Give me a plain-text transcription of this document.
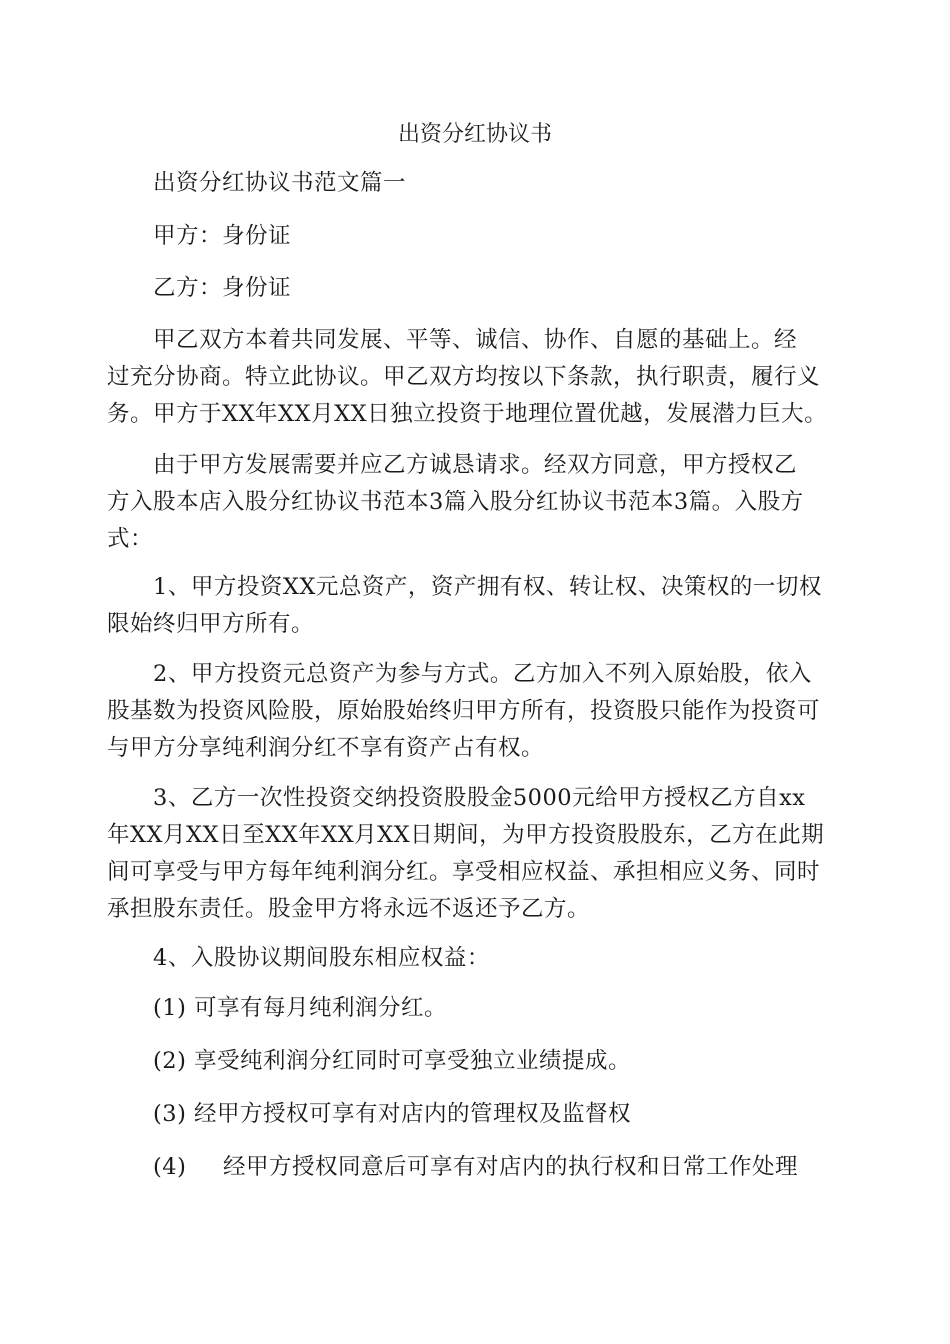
出资分红协议书
出资分红协议书范文篇一
甲方：身份证
乙方：身份证
甲乙双方本着共同发展、平等、诚信、协作、自愿的基础上。经
过充分协商。特立此协议。甲乙双方均按以下条款，执行职责，履行义
务。甲方于XX年XX月XX日独立投资于地理位置优越，发展潜力巨大。
由于甲方发展需要并应乙方诚恳请求。经双方同意，甲方授权乙
方入股本店入股分红协议书范本3篇入股分红协议书范本3篇。入股方
式：
1、甲方投资XX元总资产，资产拥有权、转让权、决策权的一切权
限始终归甲方所有。
2、甲方投资元总资产为参与方式。乙方加入不列入原始股，依入
股基数为投资风险股，原始股始终归甲方所有，投资股只能作为投资可
与甲方分享纯利润分红不享有资产占有权。
3、乙方一次性投资交纳投资股股金5000元给甲方授权乙方自xx
年XX月XX日至XX年XX月XX日期间，为甲方投资股股东，乙方在此期
间可享受与甲方每年纯利润分红。享受相应权益、承担相应义务、同时
承担股东责任。股金甲方将永远不返还予乙方。
4、入股协议期间股东相应权益：
(1) 可享有每月纯利润分红。
(2) 享受纯利润分红同时可享受独立业绩提成。
(3) 经甲方授权可享有对店内的管理权及监督权
(4) 经甲方授权同意后可享有对店内的执行权和日常工作处理
